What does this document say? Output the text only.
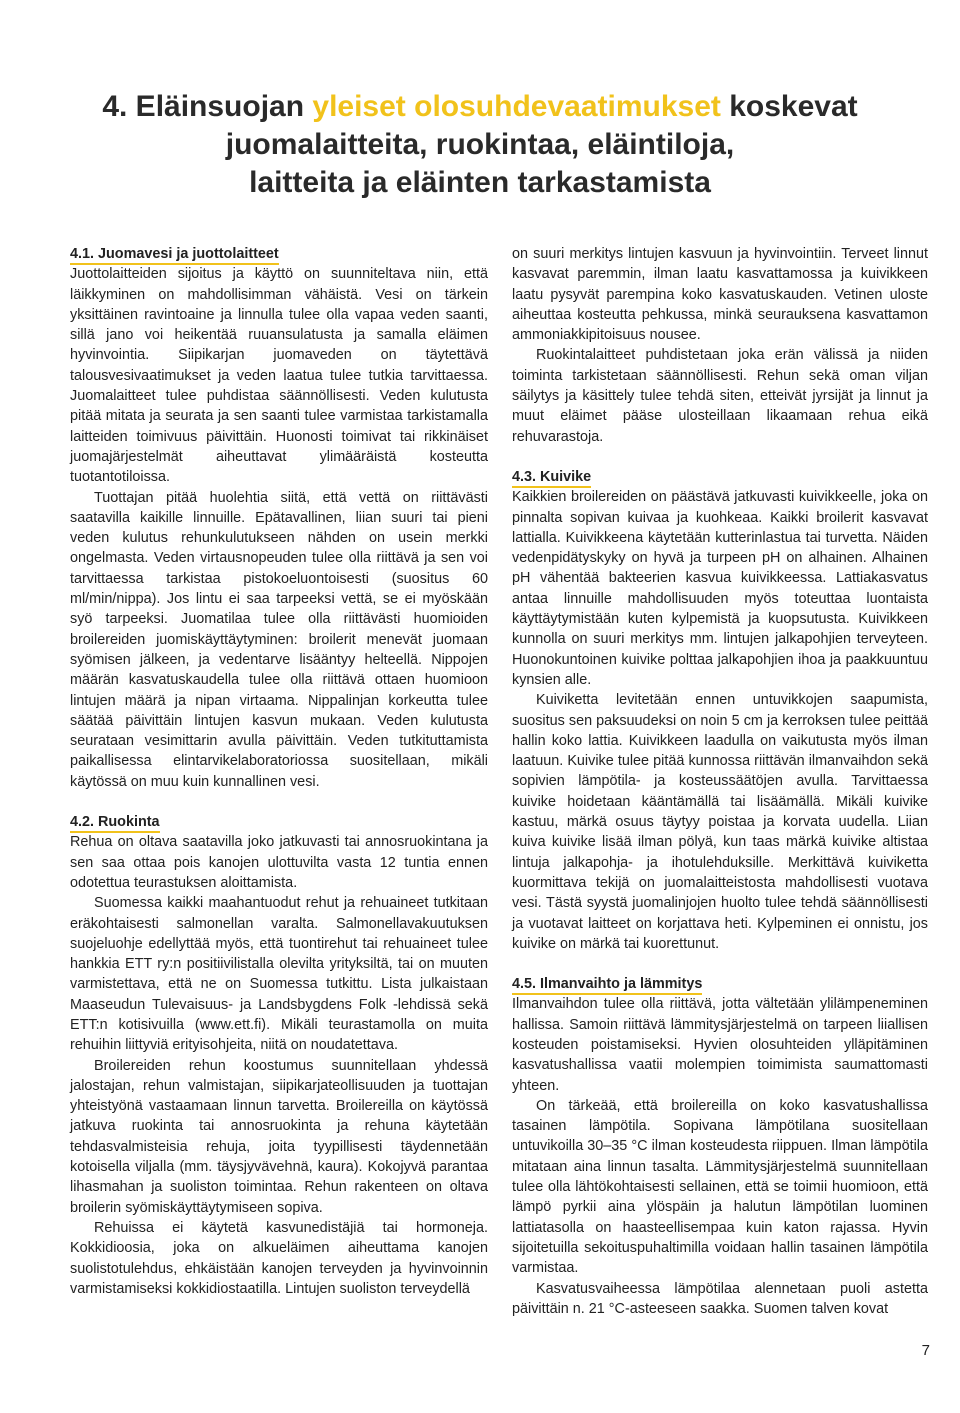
4. Eläinsuojan yleiset olosuhdevaatimukset koskevat
juomalaitteita, ruokintaa, eläintiloja,
laitteita ja eläinten tarkastamista
4.1. Juomavesi ja juottolaitteet

Juottolaitteiden sijoitus ja käyttö on suunniteltava niin, että läikkyminen on mahdollisimman vähäistä. Vesi on tärkein yksittäinen ravintoaine ja linnulla tulee olla vapaa veden saanti, sillä jano voi heikentää ruuansulatusta ja samalla eläimen hyvinvointia. Siipikarjan juomaveden on täytettävä talousvesivaatimukset ja veden laatua tulee tutkia tarvittaessa. Juomalaitteet tulee puhdistaa säännöllisesti. Veden kulutusta pitää mitata ja seurata ja sen saanti tulee varmistaa tarkistamalla laitteiden toimivuus päivittäin. Huonosti toimivat tai rikkinäiset juomajärjestelmät aiheuttavat ylimääräistä kosteutta tuotantotiloissa.

Tuottajan pitää huolehtia siitä, että vettä on riittävästi saatavilla kaikille linnuille. Epätavallinen, liian suuri tai pieni veden kulutus rehunkulutukseen nähden on usein merkki ongelmasta. Veden virtausnopeuden tulee olla riittävä ja sen voi tarvittaessa tarkistaa pistokoeluontoisesti (suositus 60 ml/min/nippa). Jos lintu ei saa tarpeeksi vettä, se ei myöskään syö tarpeeksi. Juomatilaa tulee olla riittävästi huomioiden broilereiden juomiskäyttäytyminen: broilerit menevät juomaan syömisen jälkeen, ja vedentarve lisääntyy helteellä. Nippojen määrän kasvatuskaudella tulee olla riittävä ottaen huomioon lintujen määrä ja nipan virtaama. Nippalinjan korkeutta tulee säätää päivittäin lintujen kasvun mukaan. Veden kulutusta seurataan vesimittarin avulla päivittäin. Veden tutkituttamista paikallisessa elintarvikelaboratoriossa suositellaan, mikäli käytössä on muu kuin kunnallinen vesi.

4.2. Ruokinta

Rehua on oltava saatavilla joko jatkuvasti tai annosruokintana ja sen saa ottaa pois kanojen ulottuvilta vasta 12 tuntia ennen odotettua teurastuksen aloittamista.

Suomessa kaikki maahantuodut rehut ja rehuaineet tutkitaan eräkohtaisesti salmonellan varalta. Salmonellavakuutuksen suojeluohje edellyttää myös, että tuontirehut tai rehuaineet tulee hankkia ETT ry:n positiivilistalla olevilta yrityksiltä, tai on muuten varmistettava, että ne on Suomessa tutkittu. Lista julkaistaan Maaseudun Tulevaisuus- ja Landsbygdens Folk -lehdissä sekä ETT:n kotisivuilla (www.ett.fi). Mikäli teurastamolla on muita rehuihin liittyviä erityisohjeita, niitä on noudatettava.

Broilereiden rehun koostumus suunnitellaan yhdessä jalostajan, rehun valmistajan, siipikarjateollisuuden ja tuottajan yhteistyönä vastaamaan linnun tarvetta. Broilereilla on käytössä jatkuva ruokinta tai annosruokinta ja rehuna käytetään tehdasvalmisteisia rehuja, joita tyypillisesti täydennetään kotoisella viljalla (mm. täysjyvävehnä, kaura). Kokojyvä parantaa lihasmahan ja suoliston toimintaa. Rehun rakenteen on oltava broilerin syömiskäyttäytymiseen sopiva.

Rehuissa ei käytetä kasvunedistäjiä tai hormoneja. Kokkidioosia, joka on alkueläimen aiheuttama kanojen suolistotulehdus, ehkäistään kanojen terveyden ja hyvinvoinnin varmistamiseksi kokkidiostaatilla. Lintujen suoliston terveydellä

on suuri merkitys lintujen kasvuun ja hyvinvointiin. Terveet linnut kasvavat paremmin, ilman laatu kasvattamossa ja kuivikkeen laatu pysyvät parempina koko kasvatuskauden. Vetinen uloste aiheuttaa kosteutta pehkussa, minkä seurauksena kasvattamon ammoniakkipitoisuus nousee.

Ruokintalaitteet puhdistetaan joka erän välissä ja niiden toiminta tarkistetaan säännöllisesti. Rehun sekä oman viljan säilytys ja käsittely tulee tehdä siten, etteivät jyrsijät ja linnut ja muut eläimet pääse ulosteillaan likaamaan rehua eikä rehuvarastoja.

4.3. Kuivike

Kaikkien broilereiden on päästävä jatkuvasti kuivikkeelle, joka on pinnalta sopivan kuivaa ja kuohkeaa. Kaikki broilerit kasvavat lattialla. Kuivikkeena käytetään kutterinlastua tai turvetta. Näiden vedenpidätyskyky on hyvä ja turpeen pH on alhainen. Alhainen pH vähentää bakteerien kasvua kuivikkeessa. Lattiakasvatus antaa linnuille mahdollisuuden myös toteuttaa luontaista käyttäytymistään kuten kylpemistä ja kuopsutusta. Kuivikkeen kunnolla on suuri merkitys mm. lintujen jalkapohjien terveyteen. Huonokuntoinen kuivike polttaa jalkapohjien ihoa ja paakkuuntuu kynsien alle.

Kuiviketta levitetään ennen untuvikkojen saapumista, suositus sen paksuudeksi on noin 5 cm ja kerroksen tulee peittää hallin koko lattia. Kuivikkeen laadulla on vaikutusta myös ilman laatuun. Kuivike tulee pitää kunnossa riittävän ilmanvaihdon sekä sopivien lämpötila- ja kosteussäätöjen avulla. Tarvittaessa kuivike hoidetaan kääntämällä tai lisäämällä. Mikäli kuivike kastuu, märkä osuus täytyy poistaa ja korvata uudella. Liian kuiva kuivike lisää ilman pölyä, kun taas märkä kuivike altistaa lintuja jalkapohja- ja ihotulehduksille. Merkittävä kuiviketta kuormittava tekijä on juomalaitteistosta mahdollisesti vuotava vesi. Tästä syystä juomalinjojen huolto tulee tehdä säännöllisesti ja vuotavat laitteet on korjattava heti. Kylpeminen ei onnistu, jos kuivike on märkä tai kuorettunut.

4.5. Ilmanvaihto ja lämmitys

Ilmanvaihdon tulee olla riittävä, jotta vältetään ylilämpeneminen hallissa. Samoin riittävä lämmitysjärjestelmä on tarpeen liiallisen kosteuden poistamiseksi. Hyvien olosuhteiden ylläpitäminen kasvatushallissa vaatii molempien toimimista saumattomasti yhteen.

On tärkeää, että broilereilla on koko kasvatushallissa tasainen lämpötila. Sopivana lämpötilana suositellaan untuvikoilla 30–35 °C ilman kosteudesta riippuen. Ilman lämpötila mitataan aina linnun tasalta. Lämmitysjärjestelmä suunnitellaan tulee olla lähtökohtaisesti sellainen, että se toimii huomioon, että lämpö pyrkii aina ylöspäin ja halutun lämpötilan luominen lattiatasolla on haasteellisempaa kuin katon rajassa. Hyvin sijoitetuilla sekoituspuhaltimilla voidaan hallin tasainen lämpötila varmistaa.

Kasvatusvaiheessa lämpötilaa alennetaan puoli astetta päivittäin n. 21 °C-asteeseen saakka. Suomen talven kovat

7
